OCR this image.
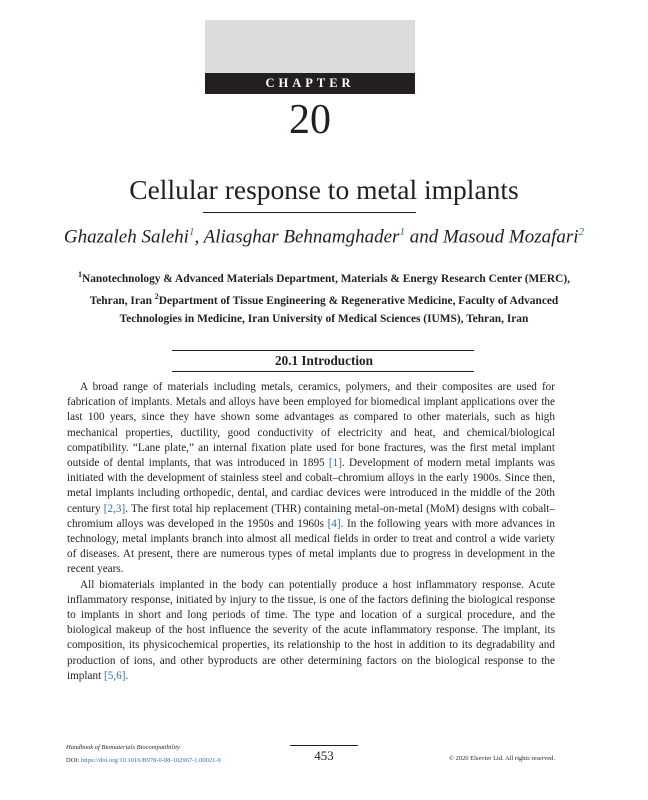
CHAPTER
20
Cellular response to metal implants
Ghazaleh Salehi$^1$, Aliasghar Behnamghader$^1$ and Masoud Mozafari$^2$
$^1$Nanotechnology & Advanced Materials Department, Materials & Energy Research Center (MERC), Tehran, Iran $^2$Department of Tissue Engineering & Regenerative Medicine, Faculty of Advanced Technologies in Medicine, Iran University of Medical Sciences (IUMS), Tehran, Iran
20.1 Introduction

A broad range of materials including metals, ceramics, polymers, and their composites are used for fabrication of implants. Metals and alloys have been employed for biomedical implant applications over the last 100 years, since they have shown some advantages as compared to other materials, such as high mechanical properties, ductility, good conductivity of electricity and heat, and chemical/biological compatibility. “Lane plate,” an internal fixation plate used for bone fractures, was the first metal implant outside of dental implants, that was introduced in 1895 [1]. Development of modern metal implants was initiated with the development of stainless steel and cobalt–chromium alloys in the early 1900s. Since then, metal implants including orthopedic, dental, and cardiac devices were introduced in the middle of the 20th century [2,3]. The first total hip replacement (THR) containing metal-on-metal (MoM) designs with cobalt–chromium alloys was developed in the 1950s and 1960s [4]. In the following years with more advances in technology, metal implants branch into almost all medical fields in order to treat and control a wide variety of diseases. At present, there are numerous types of metal implants due to progress in development in the recent years.

All biomaterials implanted in the body can potentially produce a host inflammatory response. Acute inflammatory response, initiated by injury to the tissue, is one of the factors defining the biological response to implants in short and long periods of time. The type and location of a surgical procedure, and the biological makeup of the host influence the severity of the acute inflammatory response. The implant, its composition, its physicochemical properties, its relationship to the host in addition to its degradability and production of ions, and other byproducts are other determining factors on the biological response to the implant [5,6].

Handbook of Biomaterials Biocompatibility
DOI: https://doi.org/10.1016/B978-0-08-102967-1.00021-9	453	© 2020 Elsevier Ltd. All rights reserved.
